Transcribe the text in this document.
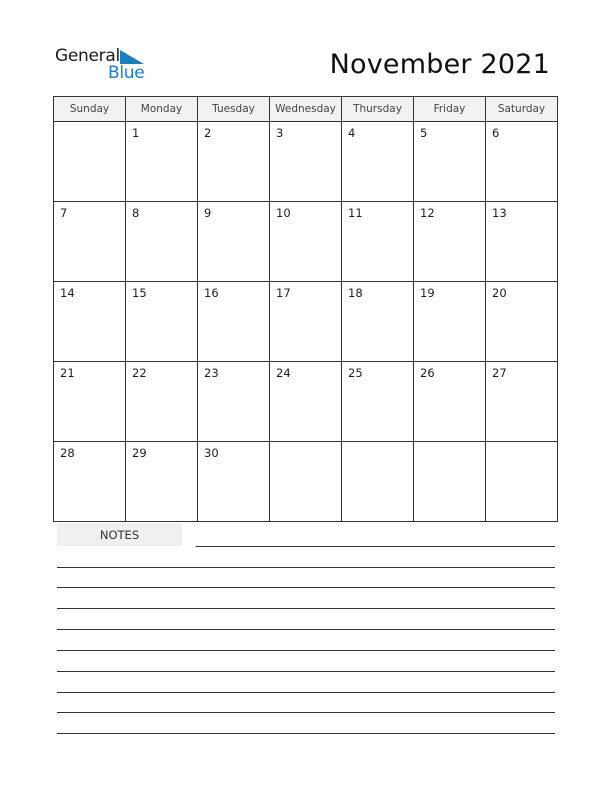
General
Blue	November 2021
Sunday	Monday	Tuesday	Wednesday	Thursday	Friday	Saturday
	1	2	3	4	5	6
7	8	9	10	11	12	13
14	15	16	17	18	19	20
21	22	23	24	25	26	27
28	29	30				
NOTES
